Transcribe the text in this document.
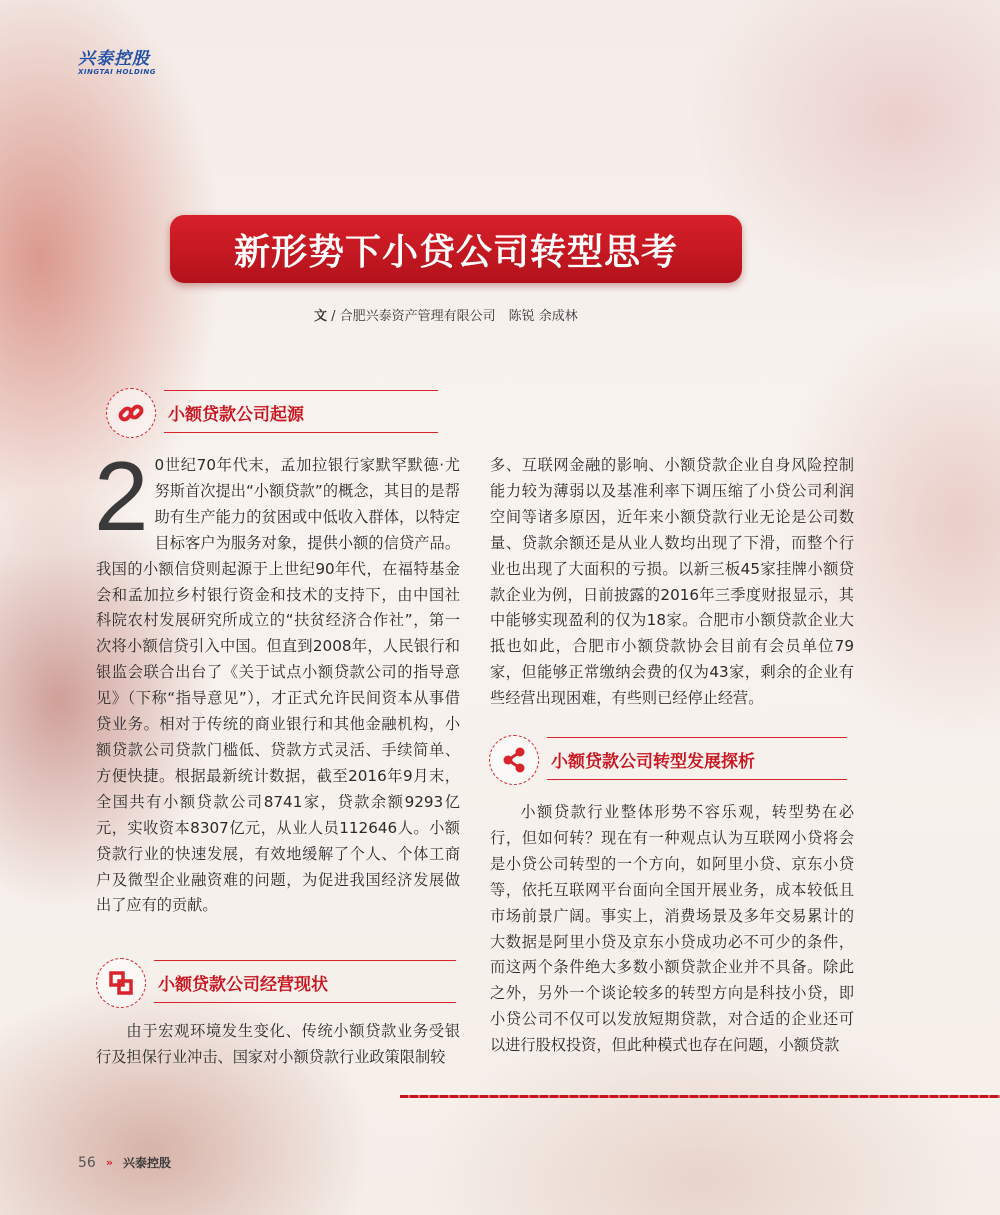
兴泰控股
XINGTAI HOLDING
新形势下小贷公司转型思考
文 / 合肥兴泰资产管理有限公司　陈锐 余成林
小额贷款公司起源

2 0世纪70年代末，孟加拉银行家默罕默德·尤努斯首次提出“小额贷款”的概念，其目的是帮助有生产能力的贫困或中低收入群体，以特定目标客户为服务对象，提供小额的信贷产品。我国的小额信贷则起源于上世纪90年代，在福特基金会和孟加拉乡村银行资金和技术的支持下，由中国社科院农村发展研究所成立的“扶贫经济合作社”，第一次将小额信贷引入中国。但直到2008年，人民银行和银监会联合出台了《关于试点小额贷款公司的指导意见》（下称“指导意见”），才正式允许民间资本从事借贷业务。相对于传统的商业银行和其他金融机构，小额贷款公司贷款门槛低、贷款方式灵活、手续简单、方便快捷。根据最新统计数据，截至2016年9月末，全国共有小额贷款公司8741家，贷款余额9293亿元，实收资本8307亿元，从业人员112646人。小额贷款行业的快速发展，有效地缓解了个人、个体工商户及微型企业融资难的问题，为促进我国经济发展做出了应有的贡献。

小额贷款公司经营现状

由于宏观环境发生变化、传统小额贷款业务受银行及担保行业冲击、国家对小额贷款行业政策限制较

多、互联网金融的影响、小额贷款企业自身风险控制能力较为薄弱以及基准利率下调压缩了小贷公司利润空间等诸多原因，近年来小额贷款行业无论是公司数量、贷款余额还是从业人数均出现了下滑，而整个行业也出现了大面积的亏损。以新三板45家挂牌小额贷款企业为例，日前披露的2016年三季度财报显示，其中能够实现盈利的仅为18家。合肥市小额贷款企业大抵也如此，合肥市小额贷款协会目前有会员单位79家，但能够正常缴纳会费的仅为43家，剩余的企业有些经营出现困难，有些则已经停止经营。

小额贷款公司转型发展探析

小额贷款行业整体形势不容乐观，转型势在必行，但如何转？现在有一种观点认为互联网小贷将会是小贷公司转型的一个方向，如阿里小贷、京东小贷等，依托互联网平台面向全国开展业务，成本较低且市场前景广阔。事实上，消费场景及多年交易累计的大数据是阿里小贷及京东小贷成功必不可少的条件，而这两个条件绝大多数小额贷款企业并不具备。除此之外，另外一个谈论较多的转型方向是科技小贷，即小贷公司不仅可以发放短期贷款，对合适的企业还可以进行股权投资，但此种模式也存在问题，小额贷款

56 » 兴泰控股
